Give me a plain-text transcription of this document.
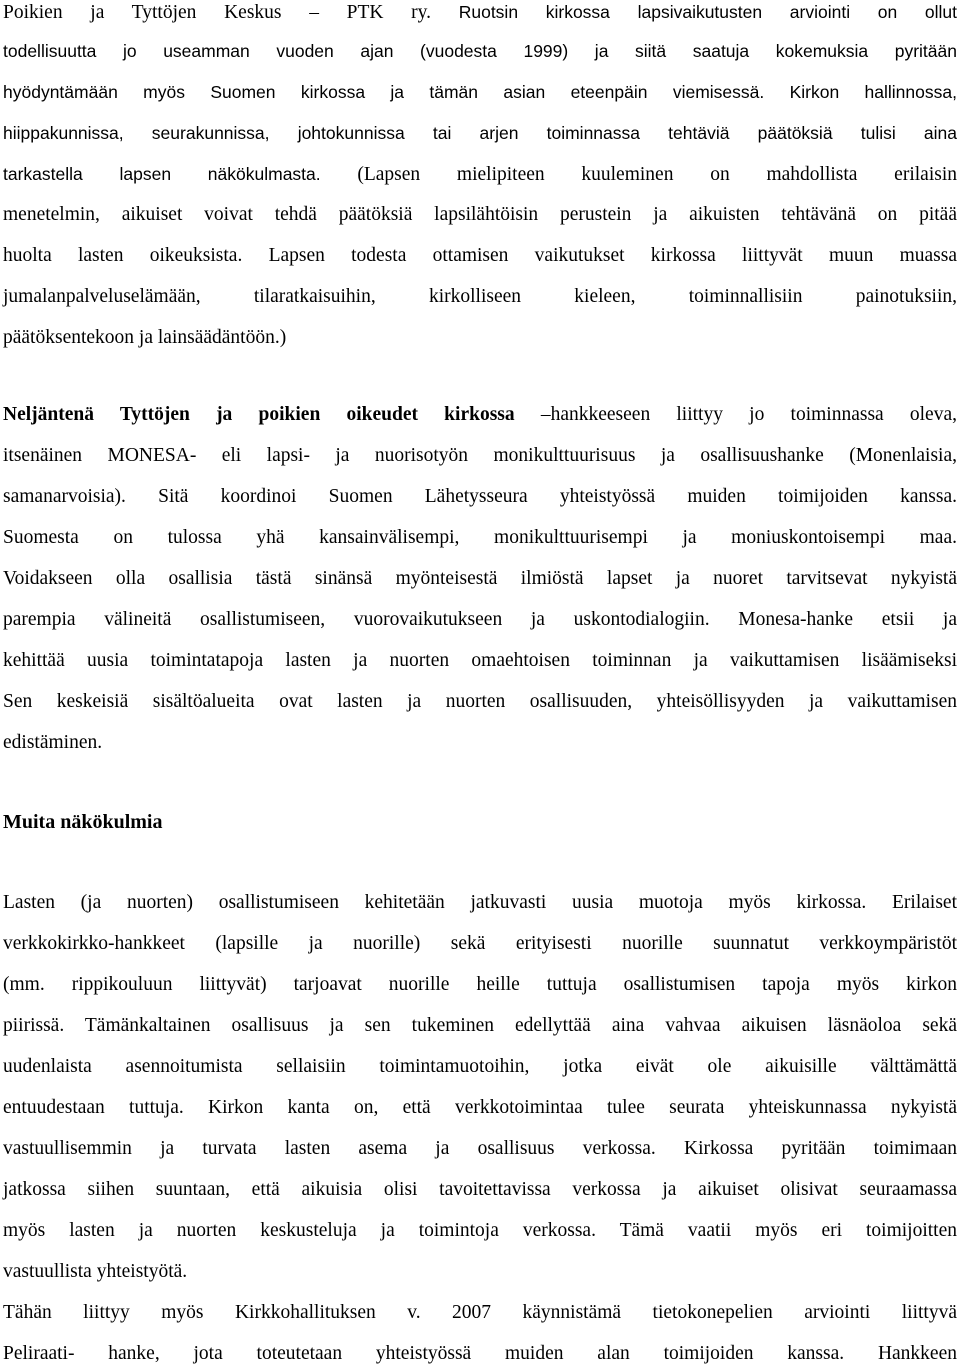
Poikien ja Tyttöjen Keskus – PTK ry. Ruotsin kirkossa lapsivaikutusten arviointi on ollut
todellisuutta jo useamman vuoden ajan (vuodesta 1999) ja siitä saatuja kokemuksia pyritään
hyödyntämään myös Suomen kirkossa ja tämän asian eteenpäin viemisessä. Kirkon hallinnossa,
hiippakunnissa, seurakunnissa, johtokunnissa tai arjen toiminnassa tehtäviä päätöksiä tulisi aina
tarkastella lapsen näkökulmasta. (Lapsen mielipiteen kuuleminen on mahdollista erilaisin
menetelmin, aikuiset voivat tehdä päätöksiä lapsilähtöisin perustein ja aikuisten tehtävänä on pitää
huolta lasten oikeuksista. Lapsen todesta ottamisen vaikutukset kirkossa liittyvät muun muassa
jumalanpalveluselämään, tilaratkaisuihin, kirkolliseen kieleen, toiminnallisiin painotuksiin,
päätöksentekoon ja lainsäädäntöön.)
Neljäntenä Tyttöjen ja poikien oikeudet kirkossa –hankkeeseen liittyy jo toiminnassa oleva,
itsenäinen MONESA- eli lapsi- ja nuorisotyön monikulttuurisuus ja osallisuushanke (Monenlaisia,
samanarvoisia). Sitä koordinoi Suomen Lähetysseura yhteistyössä muiden toimijoiden kanssa.
Suomesta on tulossa yhä kansainvälisempi, monikulttuurisempi ja moniuskontoisempi maa.
Voidakseen olla osallisia tästä sinänsä myönteisestä ilmiöstä lapset ja nuoret tarvitsevat nykyistä
parempia välineitä osallistumiseen, vuorovaikutukseen ja uskontodialogiin. Monesa-hanke etsii ja
kehittää uusia toimintatapoja lasten ja nuorten omaehtoisen toiminnan ja vaikuttamisen lisäämiseksi
Sen keskeisiä sisältöalueita ovat lasten ja nuorten osallisuuden, yhteisöllisyyden ja vaikuttamisen
edistäminen.
Muita näkökulmia
Lasten (ja nuorten) osallistumiseen kehitetään jatkuvasti uusia muotoja myös kirkossa. Erilaiset
verkkokirkko-hankkeet (lapsille ja nuorille) sekä erityisesti nuorille suunnatut verkkoympäristöt
(mm. rippikouluun liittyvät) tarjoavat nuorille heille tuttuja osallistumisen tapoja myös kirkon
piirissä. Tämänkaltainen osallisuus ja sen tukeminen edellyttää aina vahvaa aikuisen läsnäoloa sekä
uudenlaista asennoitumista sellaisiin toimintamuotoihin, jotka eivät ole aikuisille välttämättä
entuudestaan tuttuja. Kirkon kanta on, että verkkotoimintaa tulee seurata yhteiskunnassa nykyistä
vastuullisemmin ja turvata lasten asema ja osallisuus verkossa. Kirkossa pyritään toimimaan
jatkossa siihen suuntaan, että aikuisia olisi tavoitettavissa verkossa ja aikuiset olisivat seuraamassa
myös lasten ja nuorten keskusteluja ja toimintoja verkossa. Tämä vaatii myös eri toimijoitten
vastuullista yhteistyötä.
Tähän liittyy myös Kirkkohallituksen v. 2007 käynnistämä tietokonepelien arviointi liittyvä
Peliraati- hanke, jota toteutetaan yhteistyössä muiden alan toimijoiden kanssa. Hankkeen
